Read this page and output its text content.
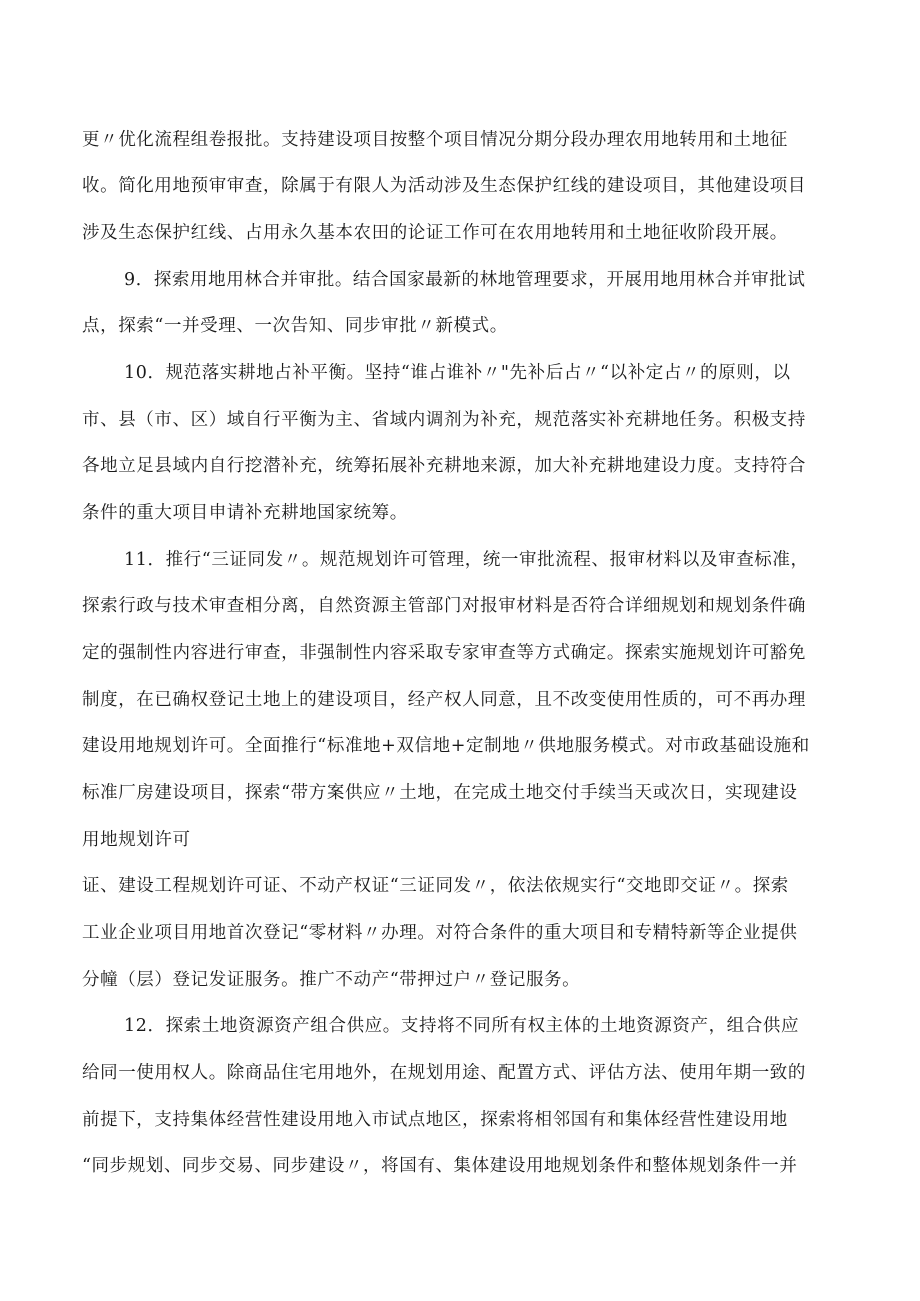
更〃优化流程组卷报批。支持建设项目按整个项目情况分期分段办理农用地转用和土地征
收。简化用地预审审查，除属于有限人为活动涉及生态保护红线的建设项目，其他建设项目
涉及生态保护红线、占用永久基本农田的论证工作可在农用地转用和土地征收阶段开展。
9．探索用地用林合并审批。结合国家最新的林地管理要求，开展用地用林合并审批试
点，探索“一并受理、一次告知、同步审批〃新模式。
10．规范落实耕地占补平衡。坚持“谁占谁补〃"先补后占〃“以补定占〃的原则，以
市、县（市、区）域自行平衡为主、省域内调剂为补充，规范落实补充耕地任务。积极支持
各地立足县域内自行挖潜补充，统筹拓展补充耕地来源，加大补充耕地建设力度。支持符合
条件的重大项目申请补充耕地国家统筹。
11．推行“三证同发〃。规范规划许可管理，统一审批流程、报审材料以及审查标准，
探索行政与技术审查相分离，自然资源主管部门对报审材料是否符合详细规划和规划条件确
定的强制性内容进行审查，非强制性内容采取专家审查等方式确定。探索实施规划许可豁免
制度，在已确权登记土地上的建设项目，经产权人同意，且不改变使用性质的，可不再办理
建设用地规划许可。全面推行“标准地+双信地+定制地〃供地服务模式。对市政基础设施和
标准厂房建设项目，探索“带方案供应〃土地，在完成土地交付手续当天或次日，实现建设
用地规划许可
证、建设工程规划许可证、不动产权证“三证同发〃，依法依规实行“交地即交证〃。探索
工业企业项目用地首次登记“零材料〃办理。对符合条件的重大项目和专精特新等企业提供
分幢（层）登记发证服务。推广不动产“带押过户〃登记服务。
12．探索土地资源资产组合供应。支持将不同所有权主体的土地资源资产，组合供应
给同一使用权人。除商品住宅用地外，在规划用途、配置方式、评估方法、使用年期一致的
前提下，支持集体经营性建设用地入市试点地区，探索将相邻国有和集体经营性建设用地
“同步规划、同步交易、同步建设〃，将国有、集体建设用地规划条件和整体规划条件一并
